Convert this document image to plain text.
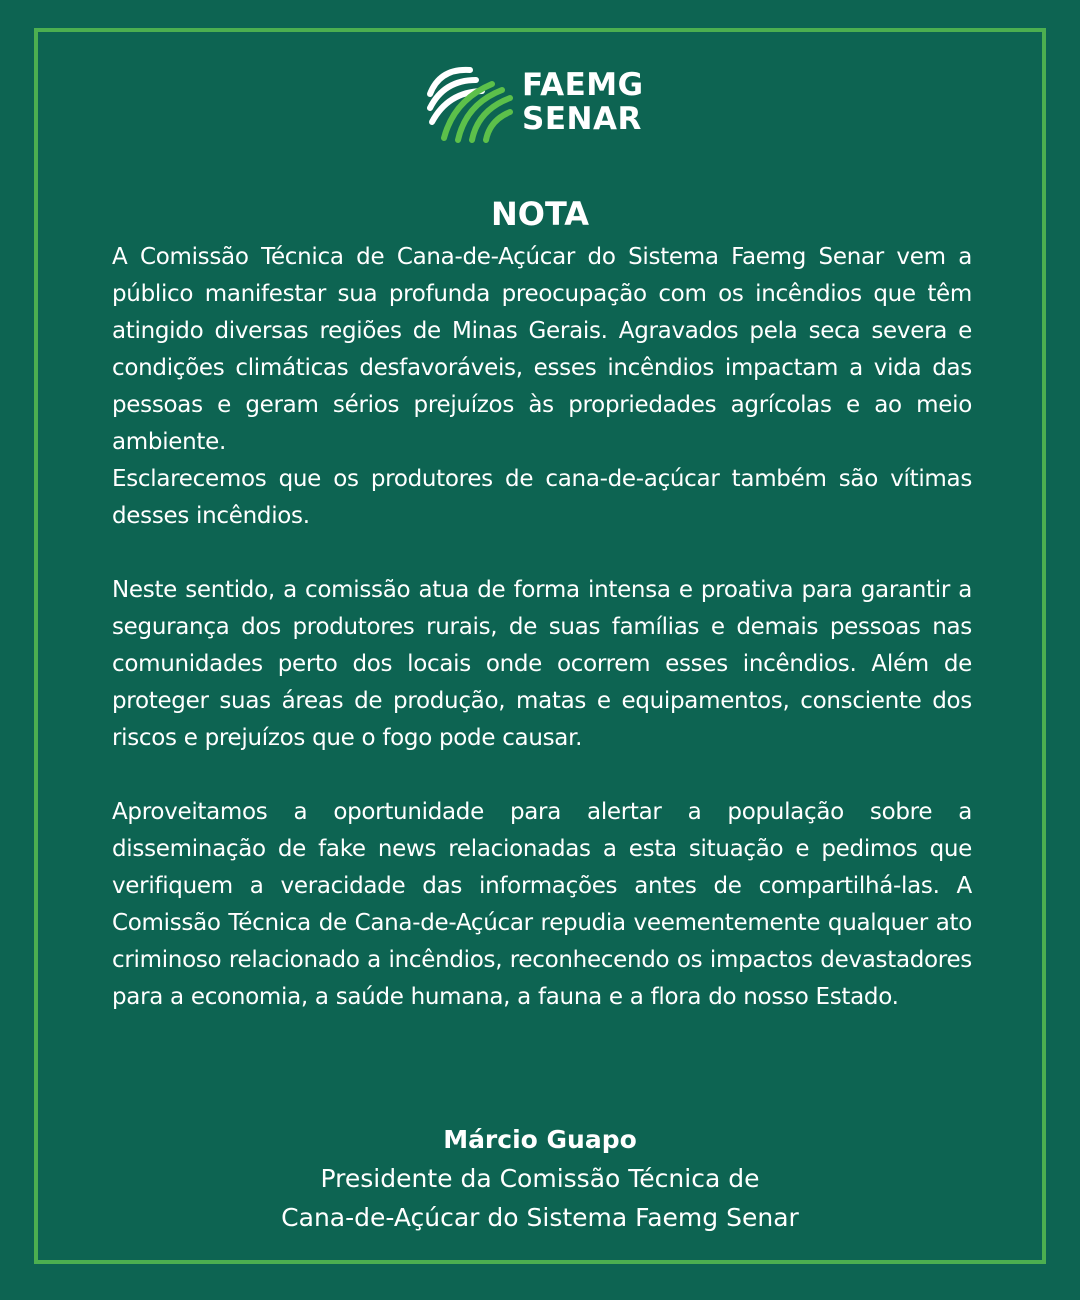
FAEMG
SENAR
NOTA

A Comissão Técnica de Cana-de-Açúcar do Sistema Faemg Senar vem a público manifestar sua profunda preocupação com os incêndios que têm atingido diversas regiões de Minas Gerais. Agravados pela seca severa e condições climáticas desfavoráveis, esses incêndios impactam a vida das pessoas e geram sérios prejuízos às propriedades agrícolas e ao meio ambiente.

Esclarecemos que os produtores de cana-de-açúcar também são vítimas desses incêndios.

Neste sentido, a comissão atua de forma intensa e proativa para garantir a segurança dos produtores rurais, de suas famílias e demais pessoas nas comunidades perto dos locais onde ocorrem esses incêndios. Além de proteger suas áreas de produção, matas e equipamentos, consciente dos riscos e prejuízos que o fogo pode causar.

Aproveitamos a oportunidade para alertar a população sobre a disseminação de fake news relacionadas a esta situação e pedimos que verifiquem a veracidade das informações antes de compartilhá-las. A Comissão Técnica de Cana-de-Açúcar repudia veementemente qualquer ato criminoso relacionado a incêndios, reconhecendo os impactos devastadores para a economia, a saúde humana, a fauna e a flora do nosso Estado.

Márcio Guapo
Presidente da Comissão Técnica de
Cana-de-Açúcar do Sistema Faemg Senar
